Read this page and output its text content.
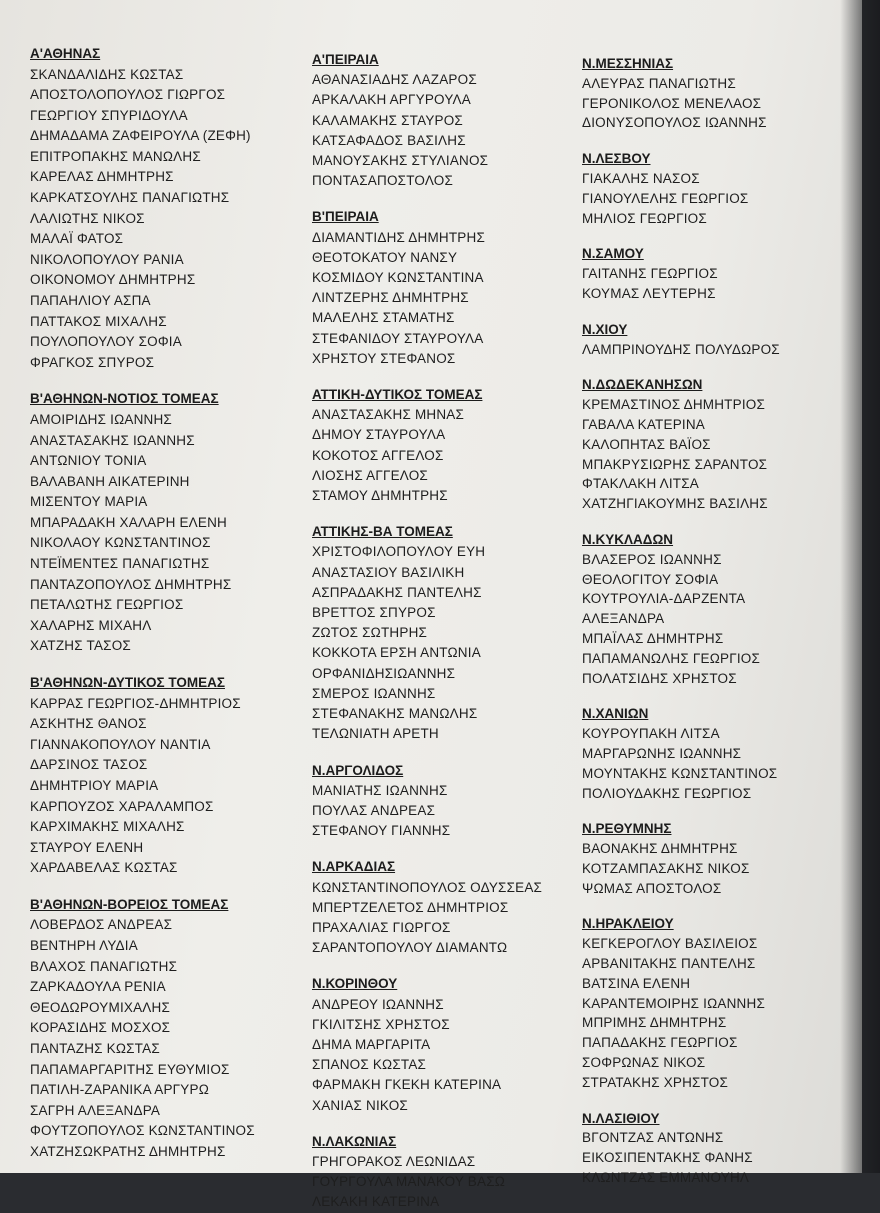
Α'ΑΘΗΝΑΣ
ΣΚΑΝΔΑΛΙΔΗΣ ΚΩΣΤΑΣ
ΑΠΟΣΤΟΛΟΠΟΥΛΟΣ ΓΙΩΡΓΟΣ
ΓΕΩΡΓΙΟΥ ΣΠΥΡΙΔΟΥΛΑ
ΔΗΜΑΔΑΜΑ ΖΑΦΕΙΡΟΥΛΑ (ΖΕΦΗ)
ΕΠΙΤΡΟΠΑΚΗΣ ΜΑΝΩΛΗΣ
ΚΑΡΕΛΑΣ ΔΗΜΗΤΡΗΣ
ΚΑΡΚΑΤΣΟΥΛΗΣ ΠΑΝΑΓΙΩΤΗΣ
ΛΑΛΙΩΤΗΣ ΝΙΚΟΣ
ΜΑΛΑΪ ΦΑΤΟΣ
ΝΙΚΟΛΟΠΟΥΛΟΥ ΡΑΝΙΑ
ΟΙΚΟΝΟΜΟΥ ΔΗΜΗΤΡΗΣ
ΠΑΠΑΗΛΙΟΥ ΑΣΠΑ
ΠΑΤΤΑΚΟΣ ΜΙΧΑΛΗΣ
ΠΟΥΛΟΠΟΥΛΟΥ ΣΟΦΙΑ
ΦΡΑΓΚΟΣ ΣΠΥΡΟΣ
Β'ΑΘΗΝΩΝ-ΝΟΤΙΟΣ ΤΟΜΕΑΣ
ΑΜΟΙΡΙΔΗΣ ΙΩΑΝΝΗΣ
ΑΝΑΣΤΑΣΑΚΗΣ ΙΩΑΝΝΗΣ
ΑΝΤΩΝΙΟΥ ΤΟΝΙΑ
ΒΑΛΑΒΑΝΗ ΑΙΚΑΤΕΡΙΝΗ
ΜΙΣΕΝΤΟΥ ΜΑΡΙΑ
ΜΠΑΡΑΔΑΚΗ ΧΑΛΑΡΗ ΕΛΕΝΗ
ΝΙΚΟΛΑΟΥ ΚΩΝΣΤΑΝΤΙΝΟΣ
ΝΤΕΪΜΕΝΤΕΣ ΠΑΝΑΓΙΩΤΗΣ
ΠΑΝΤΑΖΟΠΟΥΛΟΣ ΔΗΜΗΤΡΗΣ
ΠΕΤΑΛΩΤΗΣ ΓΕΩΡΓΙΟΣ
ΧΑΛΑΡΗΣ ΜΙΧΑΗΛ
ΧΑΤΖΗΣ ΤΑΣΟΣ
Β'ΑΘΗΝΩΝ-ΔΥΤΙΚΟΣ ΤΟΜΕΑΣ
ΚΑΡΡΑΣ ΓΕΩΡΓΙΟΣ-ΔΗΜΗΤΡΙΟΣ
ΑΣΚΗΤΗΣ ΘΑΝΟΣ
ΓΙΑΝΝΑΚΟΠΟΥΛΟΥ ΝΑΝΤΙΑ
ΔΑΡΣΙΝΟΣ ΤΑΣΟΣ
ΔΗΜΗΤΡΙΟΥ ΜΑΡΙΑ
ΚΑΡΠΟΥΖΟΣ ΧΑΡΑΛΑΜΠΟΣ
ΚΑΡΧΙΜΑΚΗΣ ΜΙΧΑΛΗΣ
ΣΤΑΥΡΟΥ ΕΛΕΝΗ
ΧΑΡΔΑΒΕΛΑΣ ΚΩΣΤΑΣ
Β'ΑΘΗΝΩΝ-ΒΟΡΕΙΟΣ ΤΟΜΕΑΣ
ΛΟΒΕΡΔΟΣ ΑΝΔΡΕΑΣ
ΒΕΝΤΗΡΗ ΛΥΔΙΑ
ΒΛΑΧΟΣ ΠΑΝΑΓΙΩΤΗΣ
ΖΑΡΚΑΔΟΥΛΑ ΡΕΝΙΑ
ΘΕΟΔΩΡΟΥΜΙΧΑΛΗΣ
ΚΟΡΑΣΙΔΗΣ ΜΟΣΧΟΣ
ΠΑΝΤΑΖΗΣ ΚΩΣΤΑΣ
ΠΑΠΑΜΑΡΓΑΡΙΤΗΣ ΕΥΘΥΜΙΟΣ
ΠΑΤΙΛΗ-ΖΑΡΑΝΙΚΑ ΑΡΓΥΡΩ
ΣΑΓΡΗ ΑΛΕΞΑΝΔΡΑ
ΦΟΥΤΖΟΠΟΥΛΟΣ ΚΩΝΣΤΑΝΤΙΝΟΣ
ΧΑΤΖΗΣΩΚΡΑΤΗΣ ΔΗΜΗΤΡΗΣ
Α'ΠΕΙΡΑΙΑ
ΑΘΑΝΑΣΙΑΔΗΣ ΛΑΖΑΡΟΣ
ΑΡΚΑΛΑΚΗ ΑΡΓΥΡΟΥΛΑ
ΚΑΛΑΜΑΚΗΣ ΣΤΑΥΡΟΣ
ΚΑΤΣΑΦΑΔΟΣ ΒΑΣΙΛΗΣ
ΜΑΝΟΥΣΑΚΗΣ ΣΤΥΛΙΑΝΟΣ
ΠΟΝΤΑΣΑΠΟΣΤΟΛΟΣ
Β'ΠΕΙΡΑΙΑ
ΔΙΑΜΑΝΤΙΔΗΣ ΔΗΜΗΤΡΗΣ
ΘΕΟΤΟΚΑΤΟΥ ΝΑΝΣΥ
ΚΟΣΜΙΔΟΥ ΚΩΝΣΤΑΝΤΙΝΑ
ΛΙΝΤΖΕΡΗΣ ΔΗΜΗΤΡΗΣ
ΜΑΛΕΛΗΣ ΣΤΑΜΑΤΗΣ
ΣΤΕΦΑΝΙΔΟΥ ΣΤΑΥΡΟΥΛΑ
ΧΡΗΣΤΟΥ ΣΤΕΦΑΝΟΣ
ΑΤΤΙΚΗ-ΔΥΤΙΚΟΣ ΤΟΜΕΑΣ
ΑΝΑΣΤΑΣΑΚΗΣ ΜΗΝΑΣ
ΔΗΜΟΥ ΣΤΑΥΡΟΥΛΑ
ΚΟΚΟΤΟΣ ΑΓΓΕΛΟΣ
ΛΙΟΣΗΣ ΑΓΓΕΛΟΣ
ΣΤΑΜΟΥ ΔΗΜΗΤΡΗΣ
ΑΤΤΙΚΗΣ-ΒΑ ΤΟΜΕΑΣ
ΧΡΙΣΤΟΦΙΛΟΠΟΥΛΟΥ ΕΥΗ
ΑΝΑΣΤΑΣΙΟΥ ΒΑΣΙΛΙΚΗ
ΑΣΠΡΑΔΑΚΗΣ ΠΑΝΤΕΛΗΣ
ΒΡΕΤΤΟΣ ΣΠΥΡΟΣ
ΖΩΤΟΣ ΣΩΤΗΡΗΣ
ΚΟΚΚΟΤΑ ΕΡΣΗ ΑΝΤΩΝΙΑ
ΟΡΦΑΝΙΔΗΣΙΩΑΝΝΗΣ
ΣΜΕΡΟΣ ΙΩΑΝΝΗΣ
ΣΤΕΦΑΝΑΚΗΣ ΜΑΝΩΛΗΣ
ΤΕΛΩΝΙΑΤΗ ΑΡΕΤΗ
Ν.ΑΡΓΟΛΙΔΟΣ
ΜΑΝΙΑΤΗΣ ΙΩΑΝΝΗΣ
ΠΟΥΛΑΣ ΑΝΔΡΕΑΣ
ΣΤΕΦΑΝΟΥ ΓΙΑΝΝΗΣ
Ν.ΑΡΚΑΔΙΑΣ
ΚΩΝΣΤΑΝΤΙΝΟΠΟΥΛΟΣ ΟΔΥΣΣΕΑΣ
ΜΠΕΡΤΖΕΛΕΤΟΣ ΔΗΜΗΤΡΙΟΣ
ΠΡΑΧΑΛΙΑΣ ΓΙΩΡΓΟΣ
ΣΑΡΑΝΤΟΠΟΥΛΟΥ ΔΙΑΜΑΝΤΩ
Ν.ΚΟΡΙΝΘΟΥ
ΑΝΔΡΕΟΥ ΙΩΑΝΝΗΣ
ΓΚΙΛΙΤΣΗΣ ΧΡΗΣΤΟΣ
ΔΗΜΑ ΜΑΡΓΑΡΙΤΑ
ΣΠΑΝΟΣ ΚΩΣΤΑΣ
ΦΑΡΜΑΚΗ ΓΚΕΚΗ ΚΑΤΕΡΙΝΑ
ΧΑΝΙΑΣ ΝΙΚΟΣ
Ν.ΛΑΚΩΝΙΑΣ
ΓΡΗΓΟΡΑΚΟΣ ΛΕΩΝΙΔΑΣ
ΓΟΥΡΓΟΥΛΑ ΜΑΝΑΚΟΥ ΒΑΣΩ
ΛΕΚΑΚΗ ΚΑΤΕΡΙΝΑ
Ν.ΜΕΣΣΗΝΙΑΣ
ΑΛΕΥΡΑΣ ΠΑΝΑΓΙΩΤΗΣ
ΓΕΡΟΝΙΚΟΛΟΣ ΜΕΝΕΛΑΟΣ
ΔΙΟΝΥΣΟΠΟΥΛΟΣ ΙΩΑΝΝΗΣ
Ν.ΛΕΣΒΟΥ
ΓΙΑΚΑΛΗΣ ΝΑΣΟΣ
ΓΙΑΝΟΥΛΕΛΗΣ ΓΕΩΡΓΙΟΣ
ΜΗΛΙΟΣ ΓΕΩΡΓΙΟΣ
Ν.ΣΑΜΟΥ
ΓΑΙΤΑΝΗΣ ΓΕΩΡΓΙΟΣ
ΚΟΥΜΑΣ ΛΕΥΤΕΡΗΣ
Ν.ΧΙΟΥ
ΛΑΜΠΡΙΝΟΥΔΗΣ ΠΟΛΥΔΩΡΟΣ
Ν.ΔΩΔΕΚΑΝΗΣΩΝ
ΚΡΕΜΑΣΤΙΝΟΣ ΔΗΜΗΤΡΙΟΣ
ΓΑΒΑΛΑ ΚΑΤΕΡΙΝΑ
ΚΑΛΟΠΗΤΑΣ ΒΑΪΟΣ
ΜΠΑΚΡΥΣΙΩΡΗΣ ΣΑΡΑΝΤΟΣ
ΦΤΑΚΛΑΚΗ ΛΙΤΣΑ
ΧΑΤΖΗΓΙΑΚΟΥΜΗΣ ΒΑΣΙΛΗΣ
Ν.ΚΥΚΛΑΔΩΝ
ΒΛΑΣΕΡΟΣ ΙΩΑΝΝΗΣ
ΘΕΟΛΟΓΙΤΟΥ ΣΟΦΙΑ
ΚΟΥΤΡΟΥΛΙΑ-ΔΑΡΖΕΝΤΑ
ΑΛΕΞΑΝΔΡΑ
ΜΠΑΪΛΑΣ ΔΗΜΗΤΡΗΣ
ΠΑΠΑΜΑΝΩΛΗΣ ΓΕΩΡΓΙΟΣ
ΠΟΛΑΤΣΙΔΗΣ ΧΡΗΣΤΟΣ
Ν.ΧΑΝΙΩΝ
ΚΟΥΡΟΥΠΑΚΗ ΛΙΤΣΑ
ΜΑΡΓΑΡΩΝΗΣ ΙΩΑΝΝΗΣ
ΜΟΥΝΤΑΚΗΣ ΚΩΝΣΤΑΝΤΙΝΟΣ
ΠΟΛΙΟΥΔΑΚΗΣ ΓΕΩΡΓΙΟΣ
Ν.ΡΕΘΥΜΝΗΣ
ΒΑΟΝΑΚΗΣ ΔΗΜΗΤΡΗΣ
ΚΟΤΖΑΜΠΑΣΑΚΗΣ ΝΙΚΟΣ
ΨΩΜΑΣ ΑΠΟΣΤΟΛΟΣ
Ν.ΗΡΑΚΛΕΙΟΥ
ΚΕΓΚΕΡΟΓΛΟΥ ΒΑΣΙΛΕΙΟΣ
ΑΡΒΑΝΙΤΑΚΗΣ ΠΑΝΤΕΛΗΣ
ΒΑΤΣΙΝΑ ΕΛΕΝΗ
ΚΑΡΑΝΤΕΜΟΙΡΗΣ ΙΩΑΝΝΗΣ
ΜΠΡΙΜΗΣ ΔΗΜΗΤΡΗΣ
ΠΑΠΑΔΑΚΗΣ ΓΕΩΡΓΙΟΣ
ΣΟΦΡΩΝΑΣ ΝΙΚΟΣ
ΣΤΡΑΤΑΚΗΣ ΧΡΗΣΤΟΣ
Ν.ΛΑΣΙΘΙΟΥ
ΒΓΟΝΤΖΑΣ ΑΝΤΩΝΗΣ
ΕΙΚΟΣΙΠΕΝΤΑΚΗΣ ΦΑΝΗΣ
ΚΛΩΝΤΖΑΣ ΕΜΜΑΝΟΥΗΛ
